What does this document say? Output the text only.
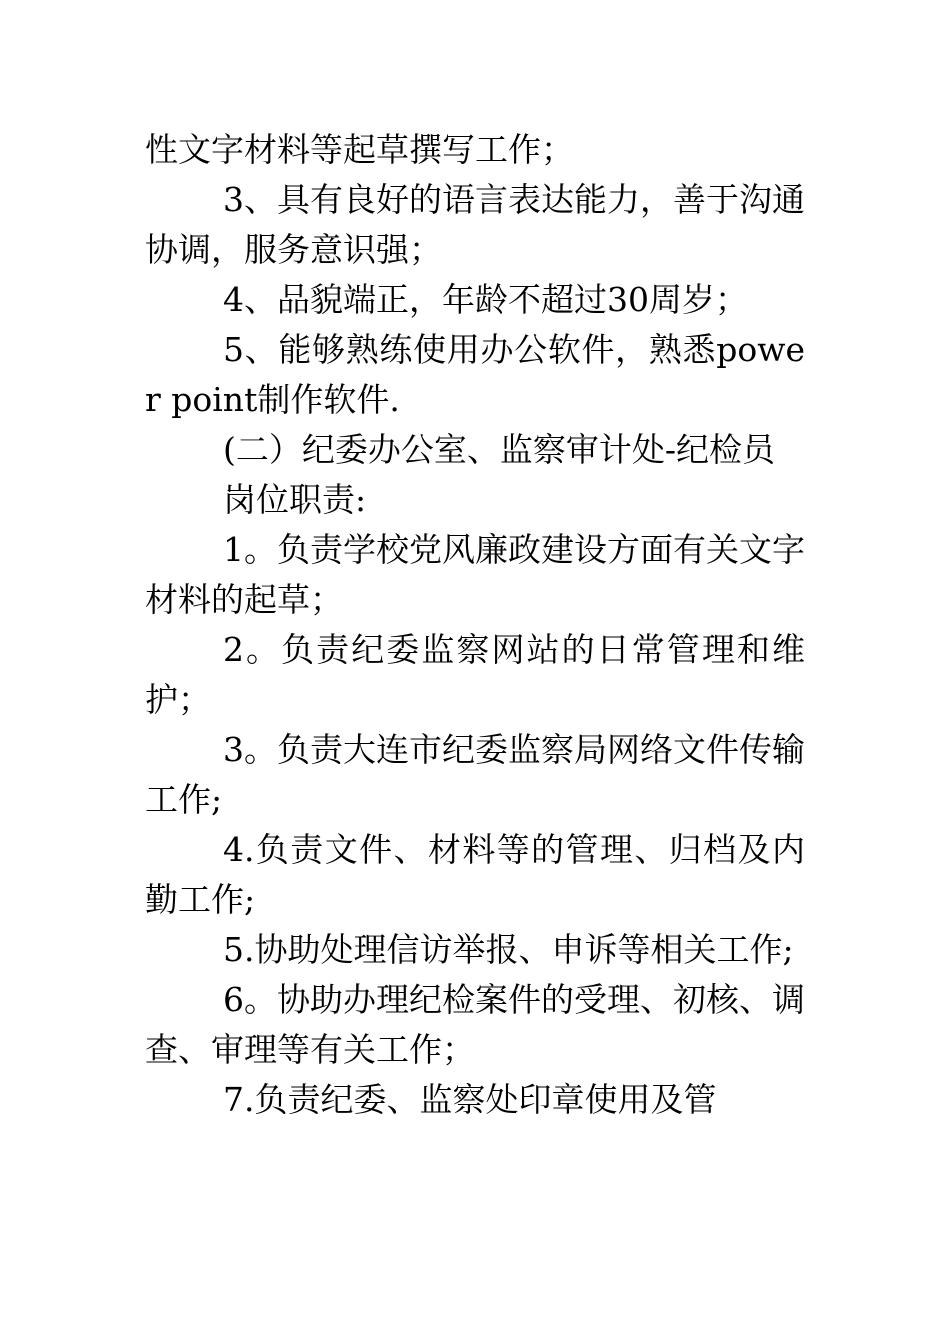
性文字材料等起草撰写工作；

3、具有良好的语言表达能力，善于沟通协调，服务意识强；

4、品貌端正，年龄不超过30周岁；

5、能够熟练使用办公软件，熟悉power point制作软件.

(二）纪委办公室、监察审计处-纪检员

岗位职责:

1。负责学校党风廉政建设方面有关文字材料的起草；

2。负责纪委监察网站的日常管理和维护；

3。负责大连市纪委监察局网络文件传输工作;

4.负责文件、材料等的管理、归档及内勤工作;

5.协助处理信访举报、申诉等相关工作;

6。协助办理纪检案件的受理、初核、调查、审理等有关工作；

7.负责纪委、监察处印章使用及管
